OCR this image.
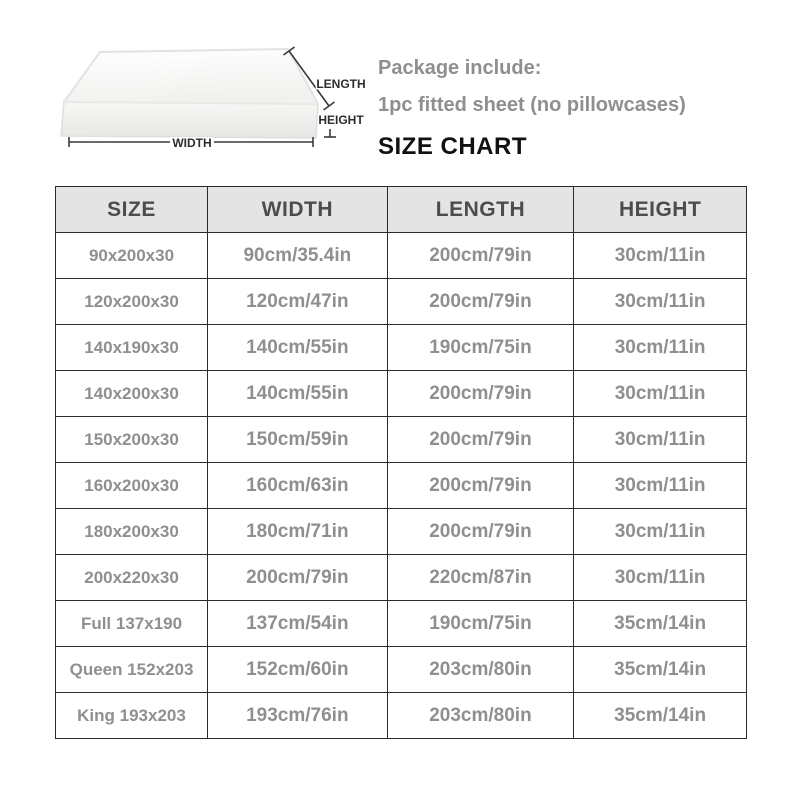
LENGTH
HEIGHT
WIDTH
Package include:
1pc fitted sheet (no pillowcases)
SIZE CHART
SIZE	WIDTH	LENGTH	HEIGHT
90x200x30	90cm/35.4in	200cm/79in	30cm/11in
120x200x30	120cm/47in	200cm/79in	30cm/11in
140x190x30	140cm/55in	190cm/75in	30cm/11in
140x200x30	140cm/55in	200cm/79in	30cm/11in
150x200x30	150cm/59in	200cm/79in	30cm/11in
160x200x30	160cm/63in	200cm/79in	30cm/11in
180x200x30	180cm/71in	200cm/79in	30cm/11in
200x220x30	200cm/79in	220cm/87in	30cm/11in
Full 137x190	137cm/54in	190cm/75in	35cm/14in
Queen 152x203	152cm/60in	203cm/80in	35cm/14in
King 193x203	193cm/76in	203cm/80in	35cm/14in
